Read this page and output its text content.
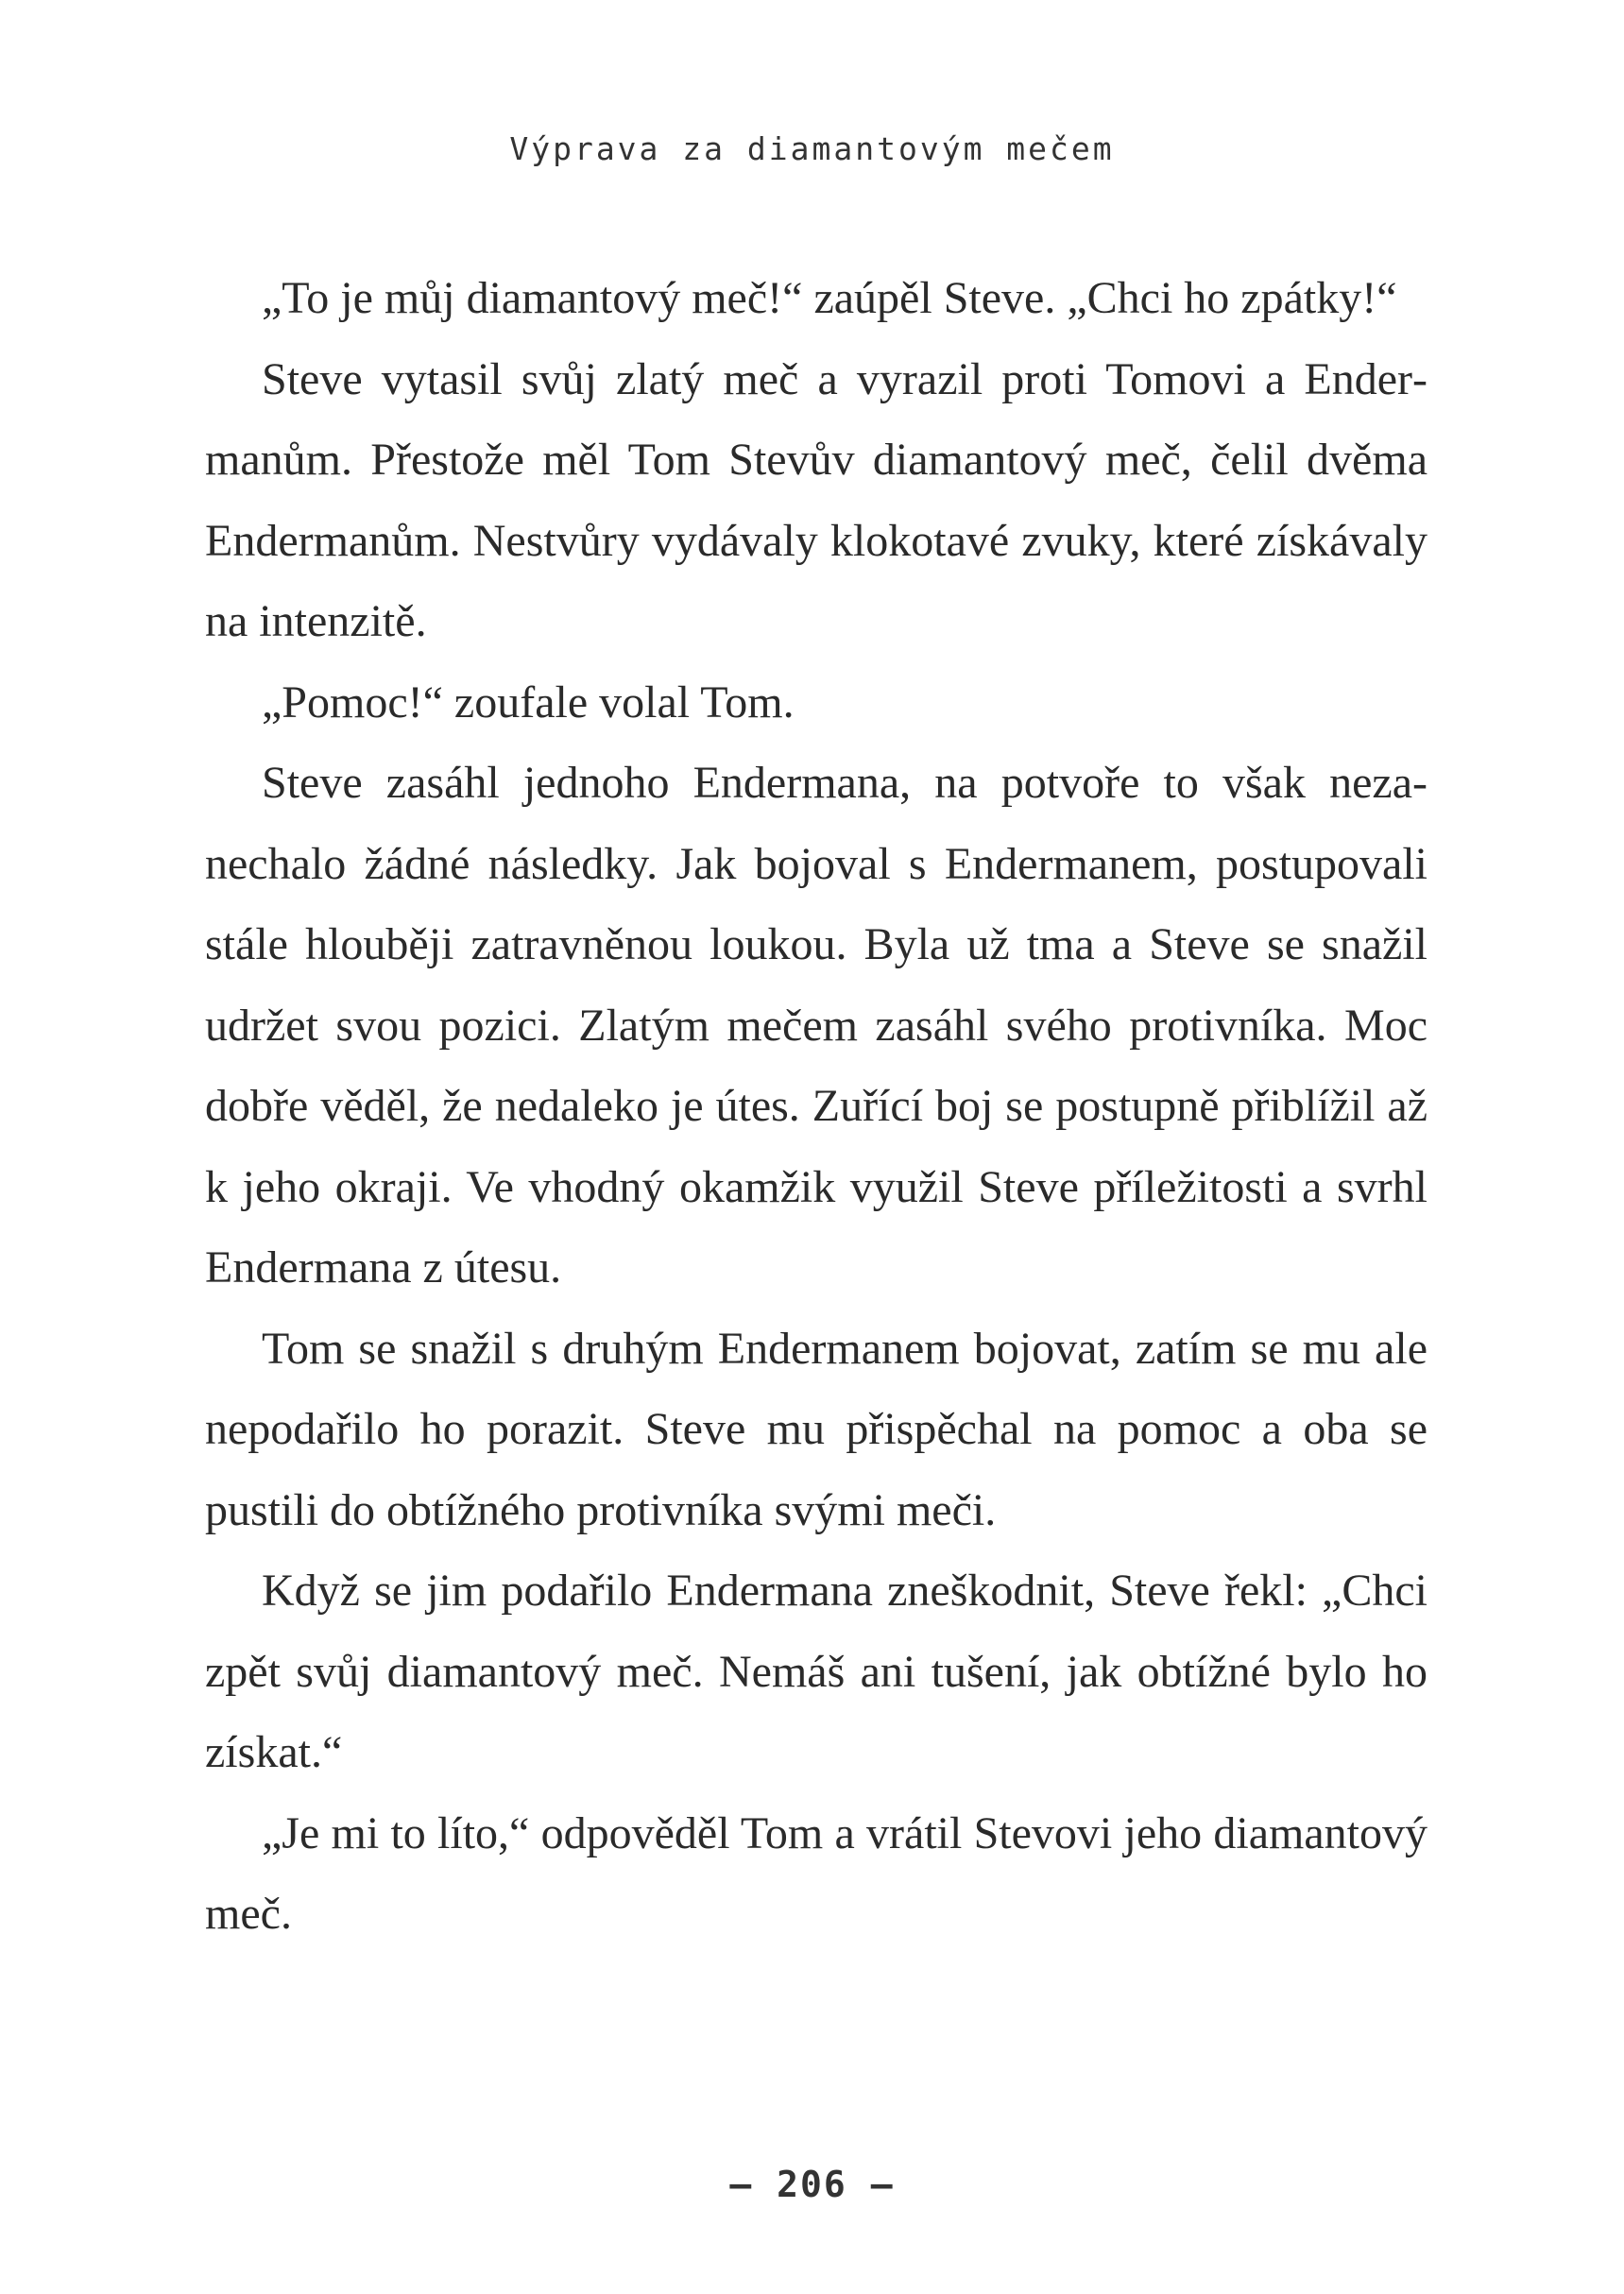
Výprava za diamantovým mečem

„To je můj diamantový meč!“ zaúpěl Steve. „Chci ho zpátky!“

Steve vytasil svůj zlatý meč a vyrazil proti Tomovi a Endermanům. Přestože měl Tom Stevův diamantový meč, čelil dvěma Endermanům. Nestvůry vydávaly klokotavé zvuky, které získávaly na intenzitě.

„Pomoc!“ zoufale volal Tom.

Steve zasáhl jednoho Endermana, na potvoře to však nezanechalo žádné následky. Jak bojoval s Endermanem, postupovali stále hlouběji zatravněnou loukou. Byla už tma a Steve se snažil udržet svou pozici. Zlatým mečem zasáhl svého protivníka. Moc dobře věděl, že nedaleko je útes. Zuřící boj se postupně přiblížil až k jeho okraji. Ve vhodný okamžik využil Steve příležitosti a svrhl Endermana z útesu.

Tom se snažil s druhým Endermanem bojovat, zatím se mu ale nepodařilo ho porazit. Steve mu přispěchal na pomoc a oba se pustili do obtížného protivníka svými meči.

Když se jim podařilo Endermana zneškodnit, Steve řekl: „Chci zpět svůj diamantový meč. Nemáš ani tušení, jak obtížné bylo ho získat.“

„Je mi to líto,“ odpověděl Tom a vrátil Stevovi jeho diamantový meč.

– 206 –
